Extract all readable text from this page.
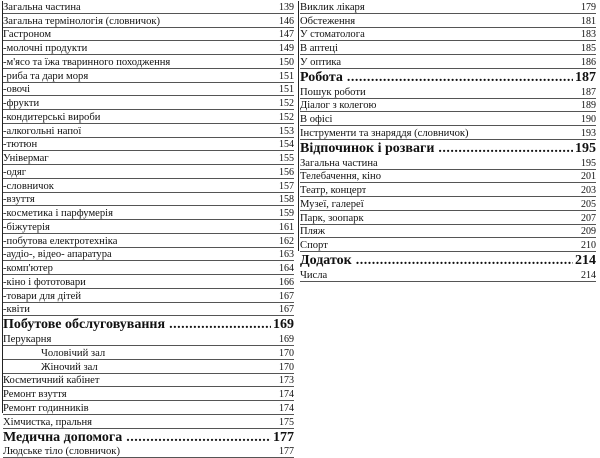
Загальна частина	139
Загальна термінологія (словничок)	146
Гастроном	147
-молочні продукти	149
-м'ясо та їжа тваринного походження	150
-риба та дари моря	151
-овочі	151
-фрукти	152
-кондитерські вироби	152
-алкогольні напої	153
-тютюн	154
Універмаг	155
-одяг	156
-словничок	157
-взуття	158
-косметика і парфумерія	159
-біжутерія	161
-побутова електротехніка	162
-аудіо-, відео- апаратура	163
-комп'ютер	164
-кіно і фототовари	166
-товари для дітей	167
-квіти	167
Побутове обслуговування .....	169
Перукарня	169
Чоловічий зал	170
Жіночий зал	170
Косметичний кабінет	173
Ремонт взуття	174
Ремонт годинників	174
Хімчистка, пральня	175
Медична допомога .....	177
Людське тіло (словничок)	177
Виклик лікаря	179
Обстеження	181
У стоматолога	183
В аптеці	185
У оптика	186
Робота .....	187
Пошук роботи	187
Діалог з колегою	189
В офісі	190
Інструменти та знаряддя (словничок)	193
Відпочинок і розваги .....	195
Загальна частина	195
Телебачення, кіно	201
Театр, концерт	203
Музеї, галереї	205
Парк, зоопарк	207
Пляж	209
Спорт	210
Додаток .....	214
Числа	214
